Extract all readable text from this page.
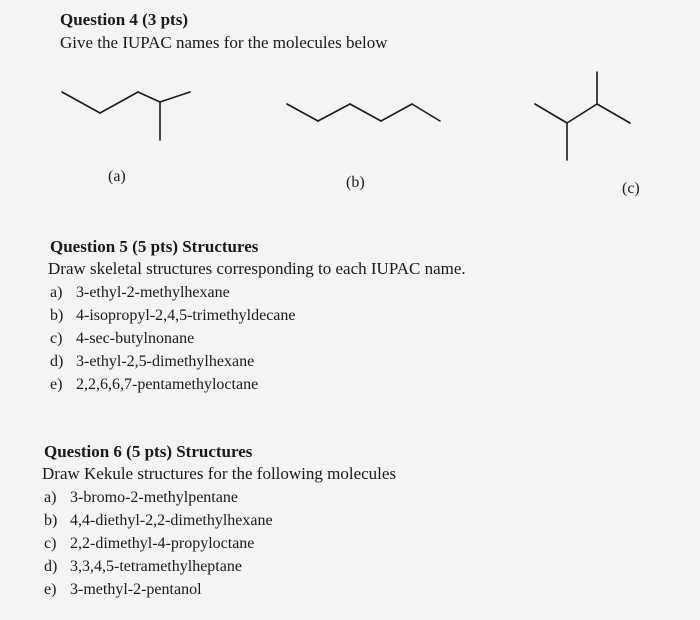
Question 4 (3 pts)
Give the IUPAC names for the molecules below
(a)	(b)	(c)
Question 5 (5 pts) Structures
Draw skeletal structures corresponding to each IUPAC name.
a) 3-ethyl-2-methylhexane
b) 4-isopropyl-2,4,5-trimethyldecane
c) 4-sec-butylnonane
d) 3-ethyl-2,5-dimethylhexane
e) 2,2,6,6,7-pentamethyloctane
Question 6 (5 pts) Structures
Draw Kekule structures for the following molecules
a) 3-bromo-2-methylpentane
b) 4,4-diethyl-2,2-dimethylhexane
c) 2,2-dimethyl-4-propyloctane
d) 3,3,4,5-tetramethylheptane
e) 3-methyl-2-pentanol
